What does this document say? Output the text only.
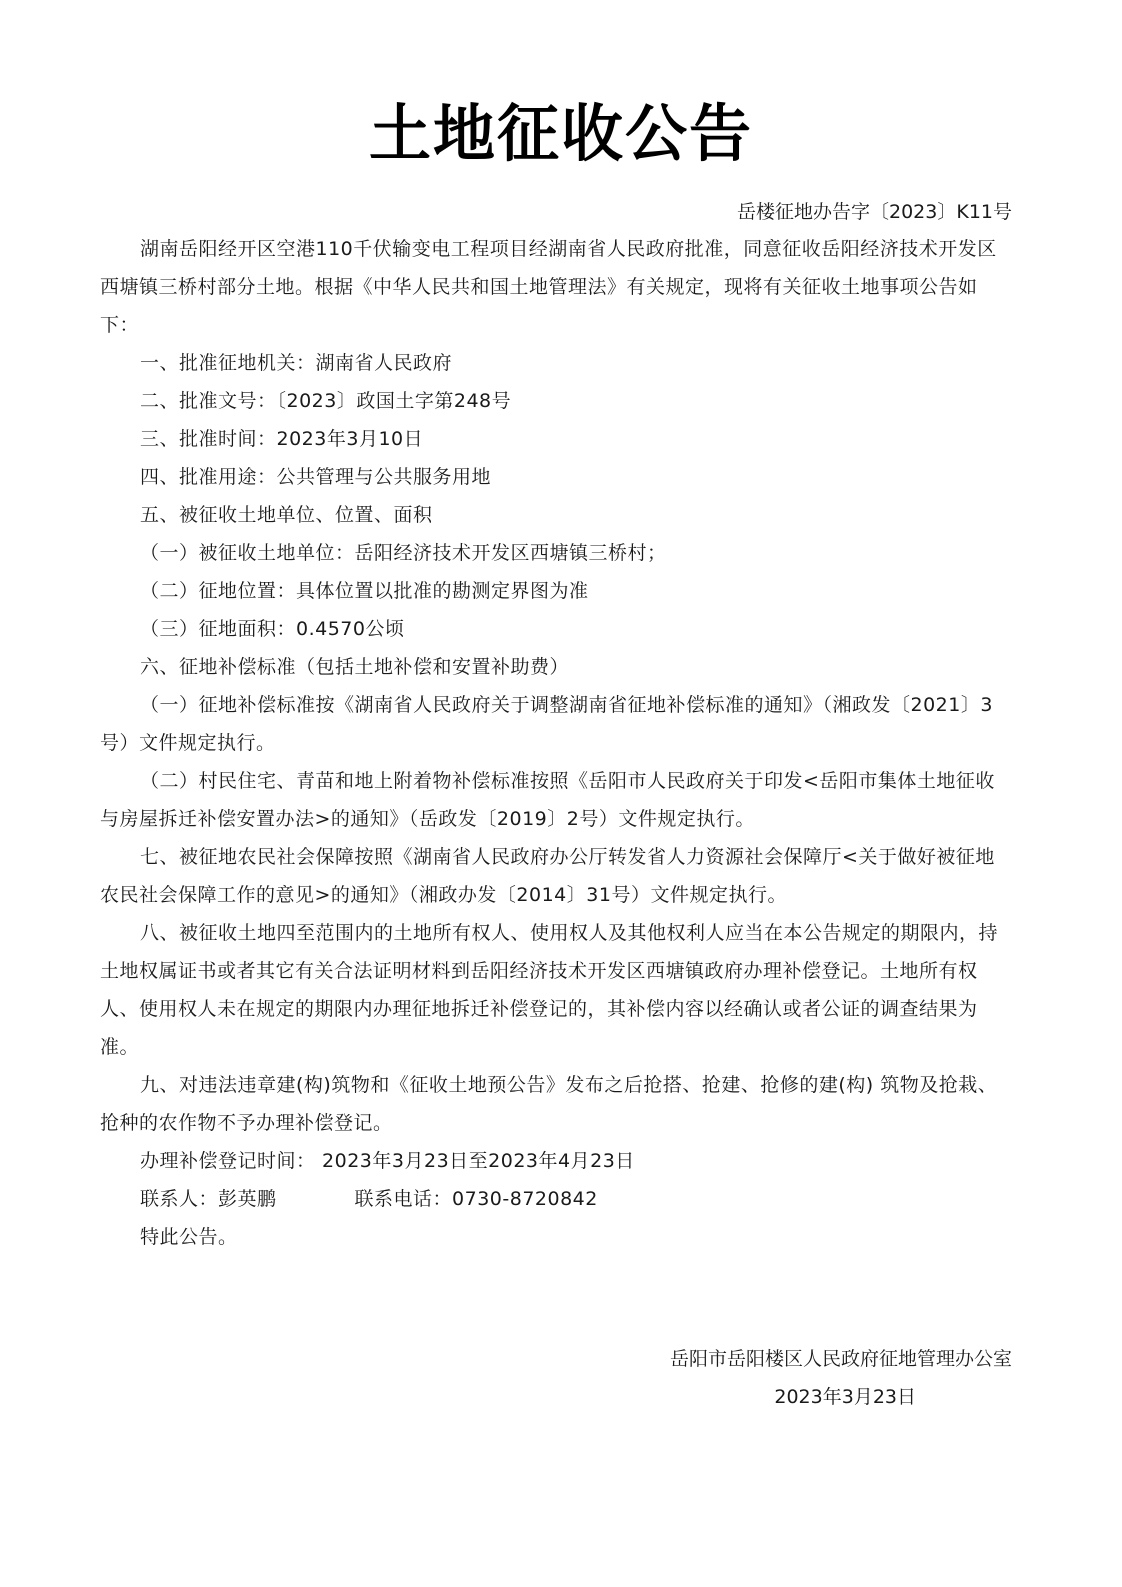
土地征收公告
岳楼征地办告字〔2023〕K11号

湖南岳阳经开区空港110千伏输变电工程项目经湖南省人民政府批准，同意征收岳阳经济技术开发区西塘镇三桥村部分土地。根据《中华人民共和国土地管理法》有关规定，现将有关征收土地事项公告如下：

一、批准征地机关：湖南省人民政府

二、批准文号：〔2023〕政国土字第248号

三、批准时间：2023年3月10日

四、批准用途：公共管理与公共服务用地

五、被征收土地单位、位置、面积

（一）被征收土地单位：岳阳经济技术开发区西塘镇三桥村；

（二）征地位置：具体位置以批准的勘测定界图为准

（三）征地面积：0.4570公顷

六、征地补偿标准（包括土地补偿和安置补助费）

（一）征地补偿标准按《湖南省人民政府关于调整湖南省征地补偿标准的通知》（湘政发〔2021〕3号）文件规定执行。

（二）村民住宅、青苗和地上附着物补偿标准按照《岳阳市人民政府关于印发<岳阳市集体土地征收与房屋拆迁补偿安置办法>的通知》（岳政发〔2019〕2号）文件规定执行。

七、被征地农民社会保障按照《湖南省人民政府办公厅转发省人力资源社会保障厅<关于做好被征地农民社会保障工作的意见>的通知》（湘政办发〔2014〕31号）文件规定执行。

八、被征收土地四至范围内的土地所有权人、使用权人及其他权利人应当在本公告规定的期限内，持土地权属证书或者其它有关合法证明材料到岳阳经济技术开发区西塘镇政府办理补偿登记。土地所有权人、使用权人未在规定的期限内办理征地拆迁补偿登记的，其补偿内容以经确认或者公证的调查结果为准。

九、对违法违章建(构)筑物和《征收土地预公告》发布之后抢搭、抢建、抢修的建(构) 筑物及抢栽、抢种的农作物不予办理补偿登记。

办理补偿登记时间： 2023年3月23日至2023年4月23日

联系人：彭英鹏	联系电话：0730-8720842

特此公告。

岳阳市岳阳楼区人民政府征地管理办公室
2023年3月23日
